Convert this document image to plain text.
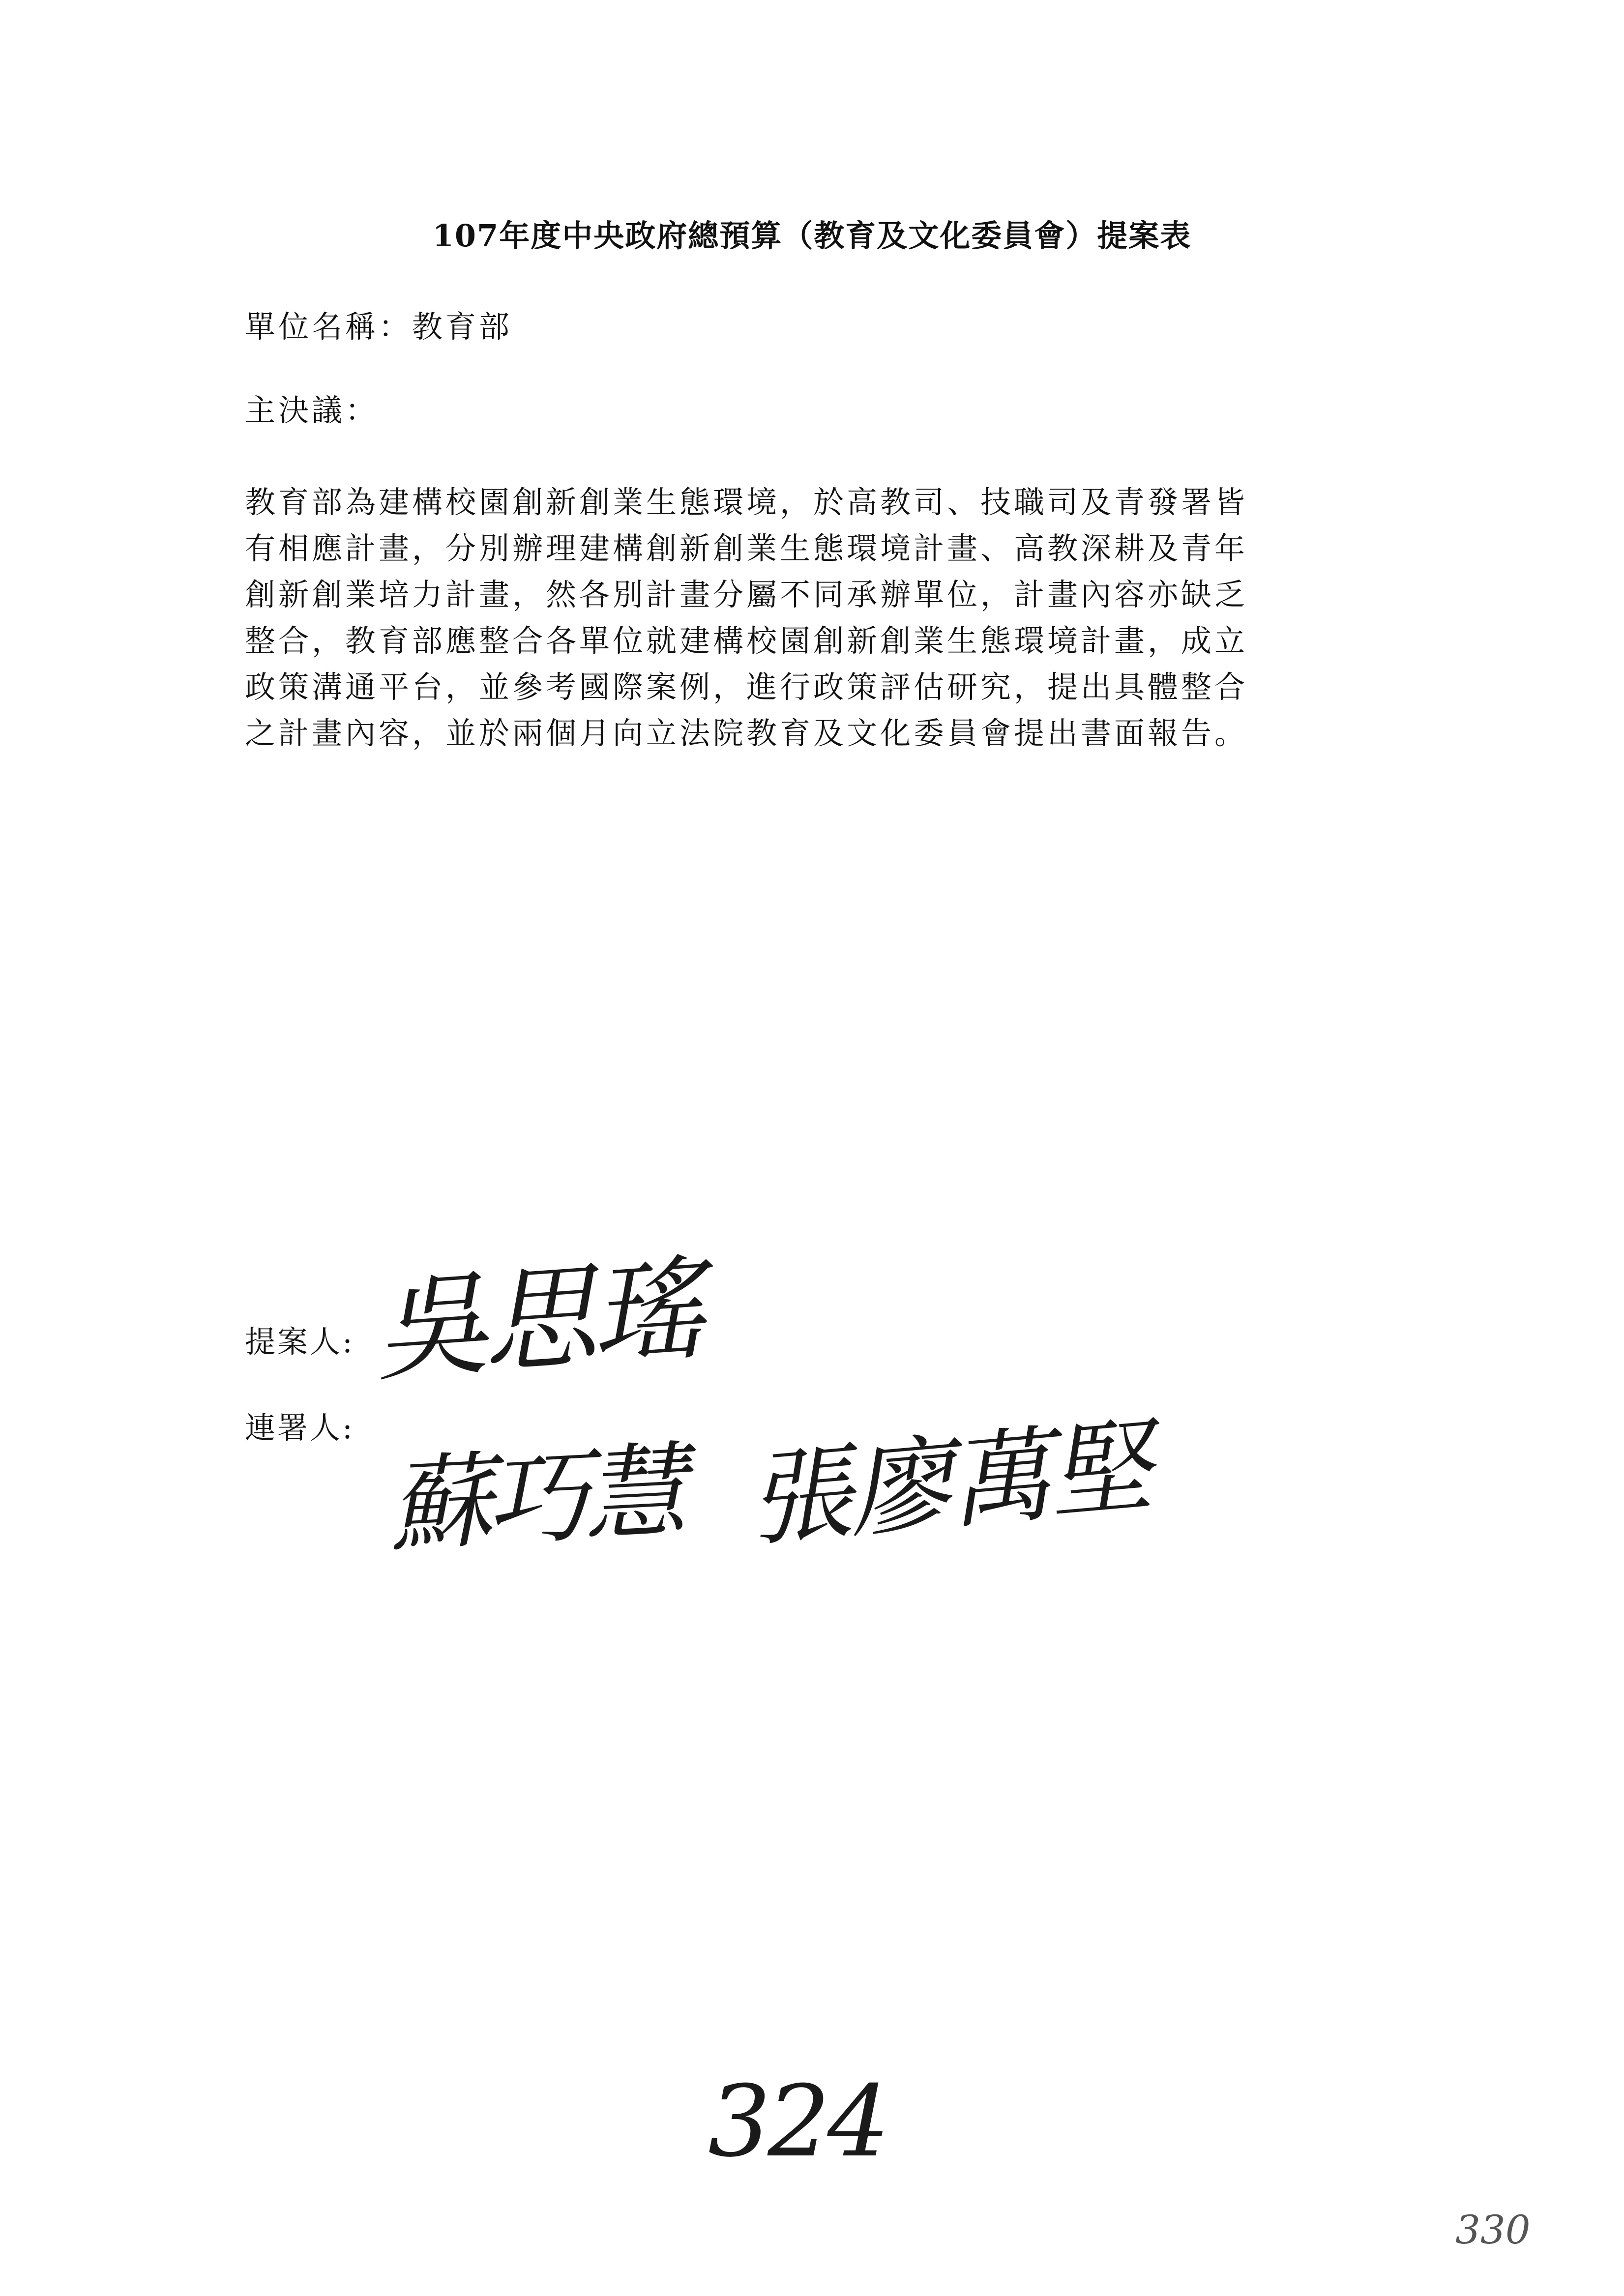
107年度中央政府總預算（教育及文化委員會）提案表
單位名稱：教育部
主決議：
教育部為建構校園創新創業生態環境，於高教司、技職司及青發署皆
有相應計畫，分別辦理建構創新創業生態環境計畫、高教深耕及青年
創新創業培力計畫，然各別計畫分屬不同承辦單位，計畫內容亦缺乏
整合，教育部應整合各單位就建構校園創新創業生態環境計畫，成立
政策溝通平台，並參考國際案例，進行政策評估研究，提出具體整合
之計畫內容，並於兩個月向立法院教育及文化委員會提出書面報告。
提案人: 吳思瑤
連署人:
蘇巧慧 張廖萬堅
324
330
